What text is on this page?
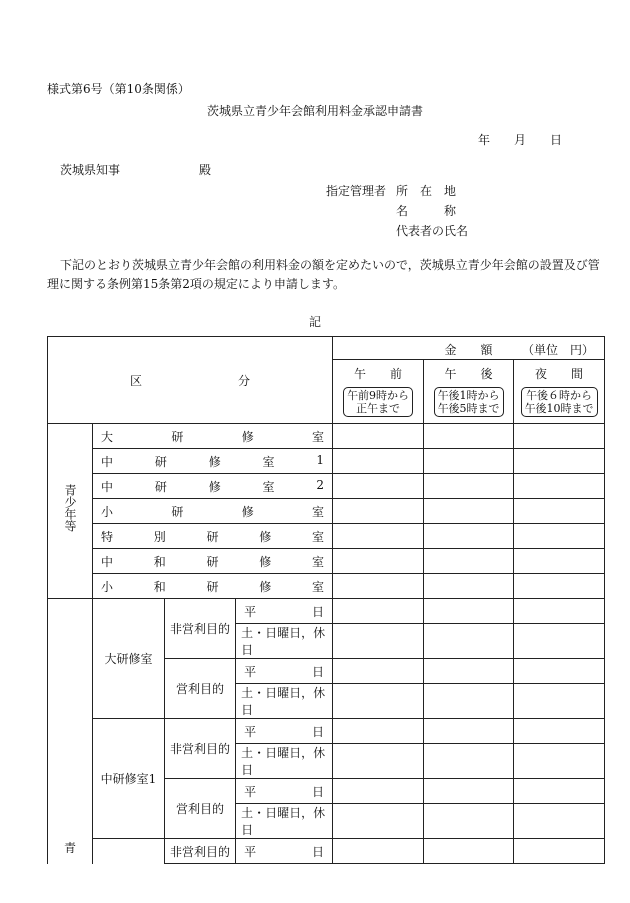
様式第6号（第10条関係）
茨城県立青少年会館利用料金承認申請書
年 月 日
茨城県知事	殿
指定管理者 所　在　地
名　　　称
代表者の氏名
下記のとおり茨城県立青少年会館の利用料金の額を定めたいので，茨城県立青少年会館の設置及び管
理に関する条例第15条第2項の規定により申請します。
記
区　　　　　　　　分				金　　額 （単位　円）		

				午　　前
午前9時から
正午まで	午　　後
午後1時から
午後5時まで	夜　　間
午後６時から
午後10時まで
青少年等	大 研 修 室					

	中 研 修 室 1					

	中 研 修 室 2					

	小 研 修 室					

	特 別 研 修 室					

	中 和 研 修 室					

	小 和 研 修 室					

青	大研修室	非営利目的	平 日			

			土・日曜日，休日			

		営 利 目 的	平 日			

			土・日曜日，休日			
	中研修室1	非営利目的	平 日			

			土・日曜日，休日			

		営 利 目 的	平 日			

			土・日曜日，休日			
		非営利目的	平 日			
